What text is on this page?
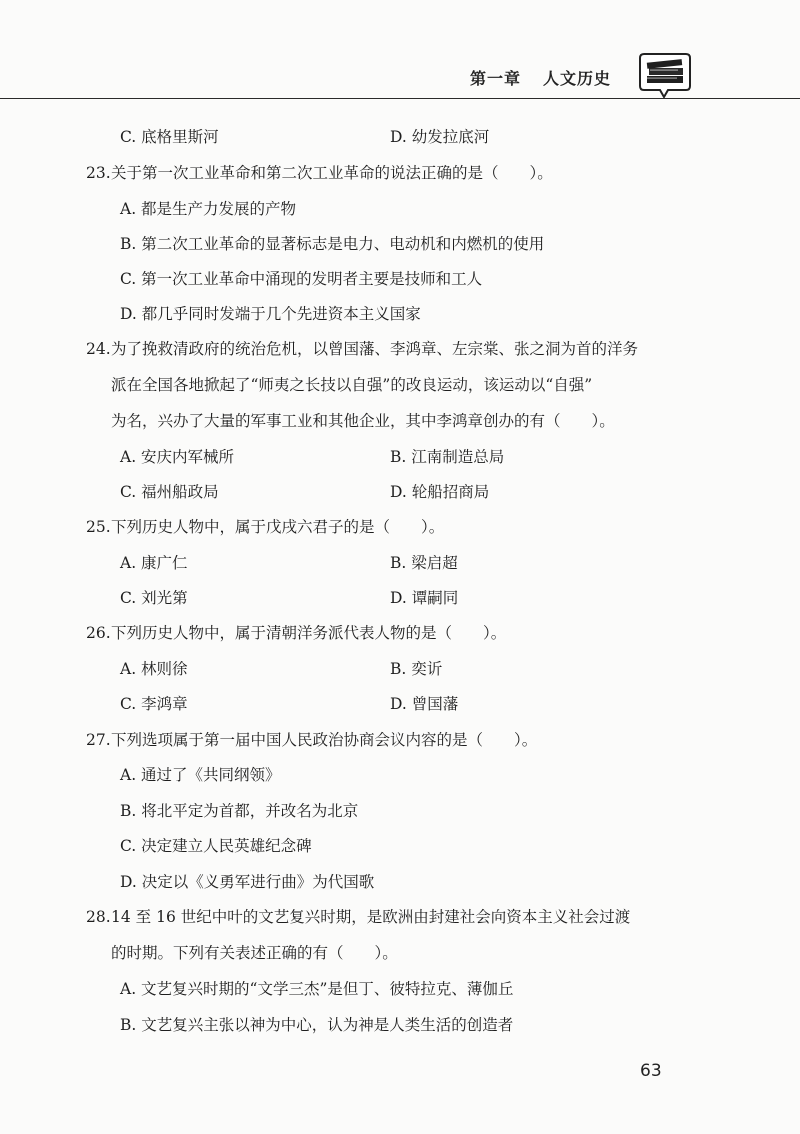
第一章 人文历史
C. 底格里斯河	D. 幼发拉底河
23. 关于第一次工业革命和第二次工业革命的说法正确的是（　　）。
A. 都是生产力发展的产物
B. 第二次工业革命的显著标志是电力、电动机和内燃机的使用
C. 第一次工业革命中涌现的发明者主要是技师和工人
D. 都几乎同时发端于几个先进资本主义国家
24. 为了挽救清政府的统治危机，以曾国藩、李鸿章、左宗棠、张之洞为首的洋务
派在全国各地掀起了“师夷之长技以自强”的改良运动，该运动以“自强”
为名，兴办了大量的军事工业和其他企业，其中李鸿章创办的有（　　）。
A. 安庆内军械所	B. 江南制造总局
C. 福州船政局	D. 轮船招商局
25. 下列历史人物中，属于戊戌六君子的是（　　）。
A. 康广仁	B. 梁启超
C. 刘光第	D. 谭嗣同
26. 下列历史人物中，属于清朝洋务派代表人物的是（　　）。
A. 林则徐	B. 奕䜣
C. 李鸿章	D. 曾国藩
27. 下列选项属于第一届中国人民政治协商会议内容的是（　　）。
A. 通过了《共同纲领》
B. 将北平定为首都，并改名为北京
C. 决定建立人民英雄纪念碑
D. 决定以《义勇军进行曲》为代国歌
28. 14 至 16 世纪中叶的文艺复兴时期，是欧洲由封建社会向资本主义社会过渡
的时期。下列有关表述正确的有（　　）。
A. 文艺复兴时期的“文学三杰”是但丁、彼特拉克、薄伽丘
B. 文艺复兴主张以神为中心，认为神是人类生活的创造者
63
